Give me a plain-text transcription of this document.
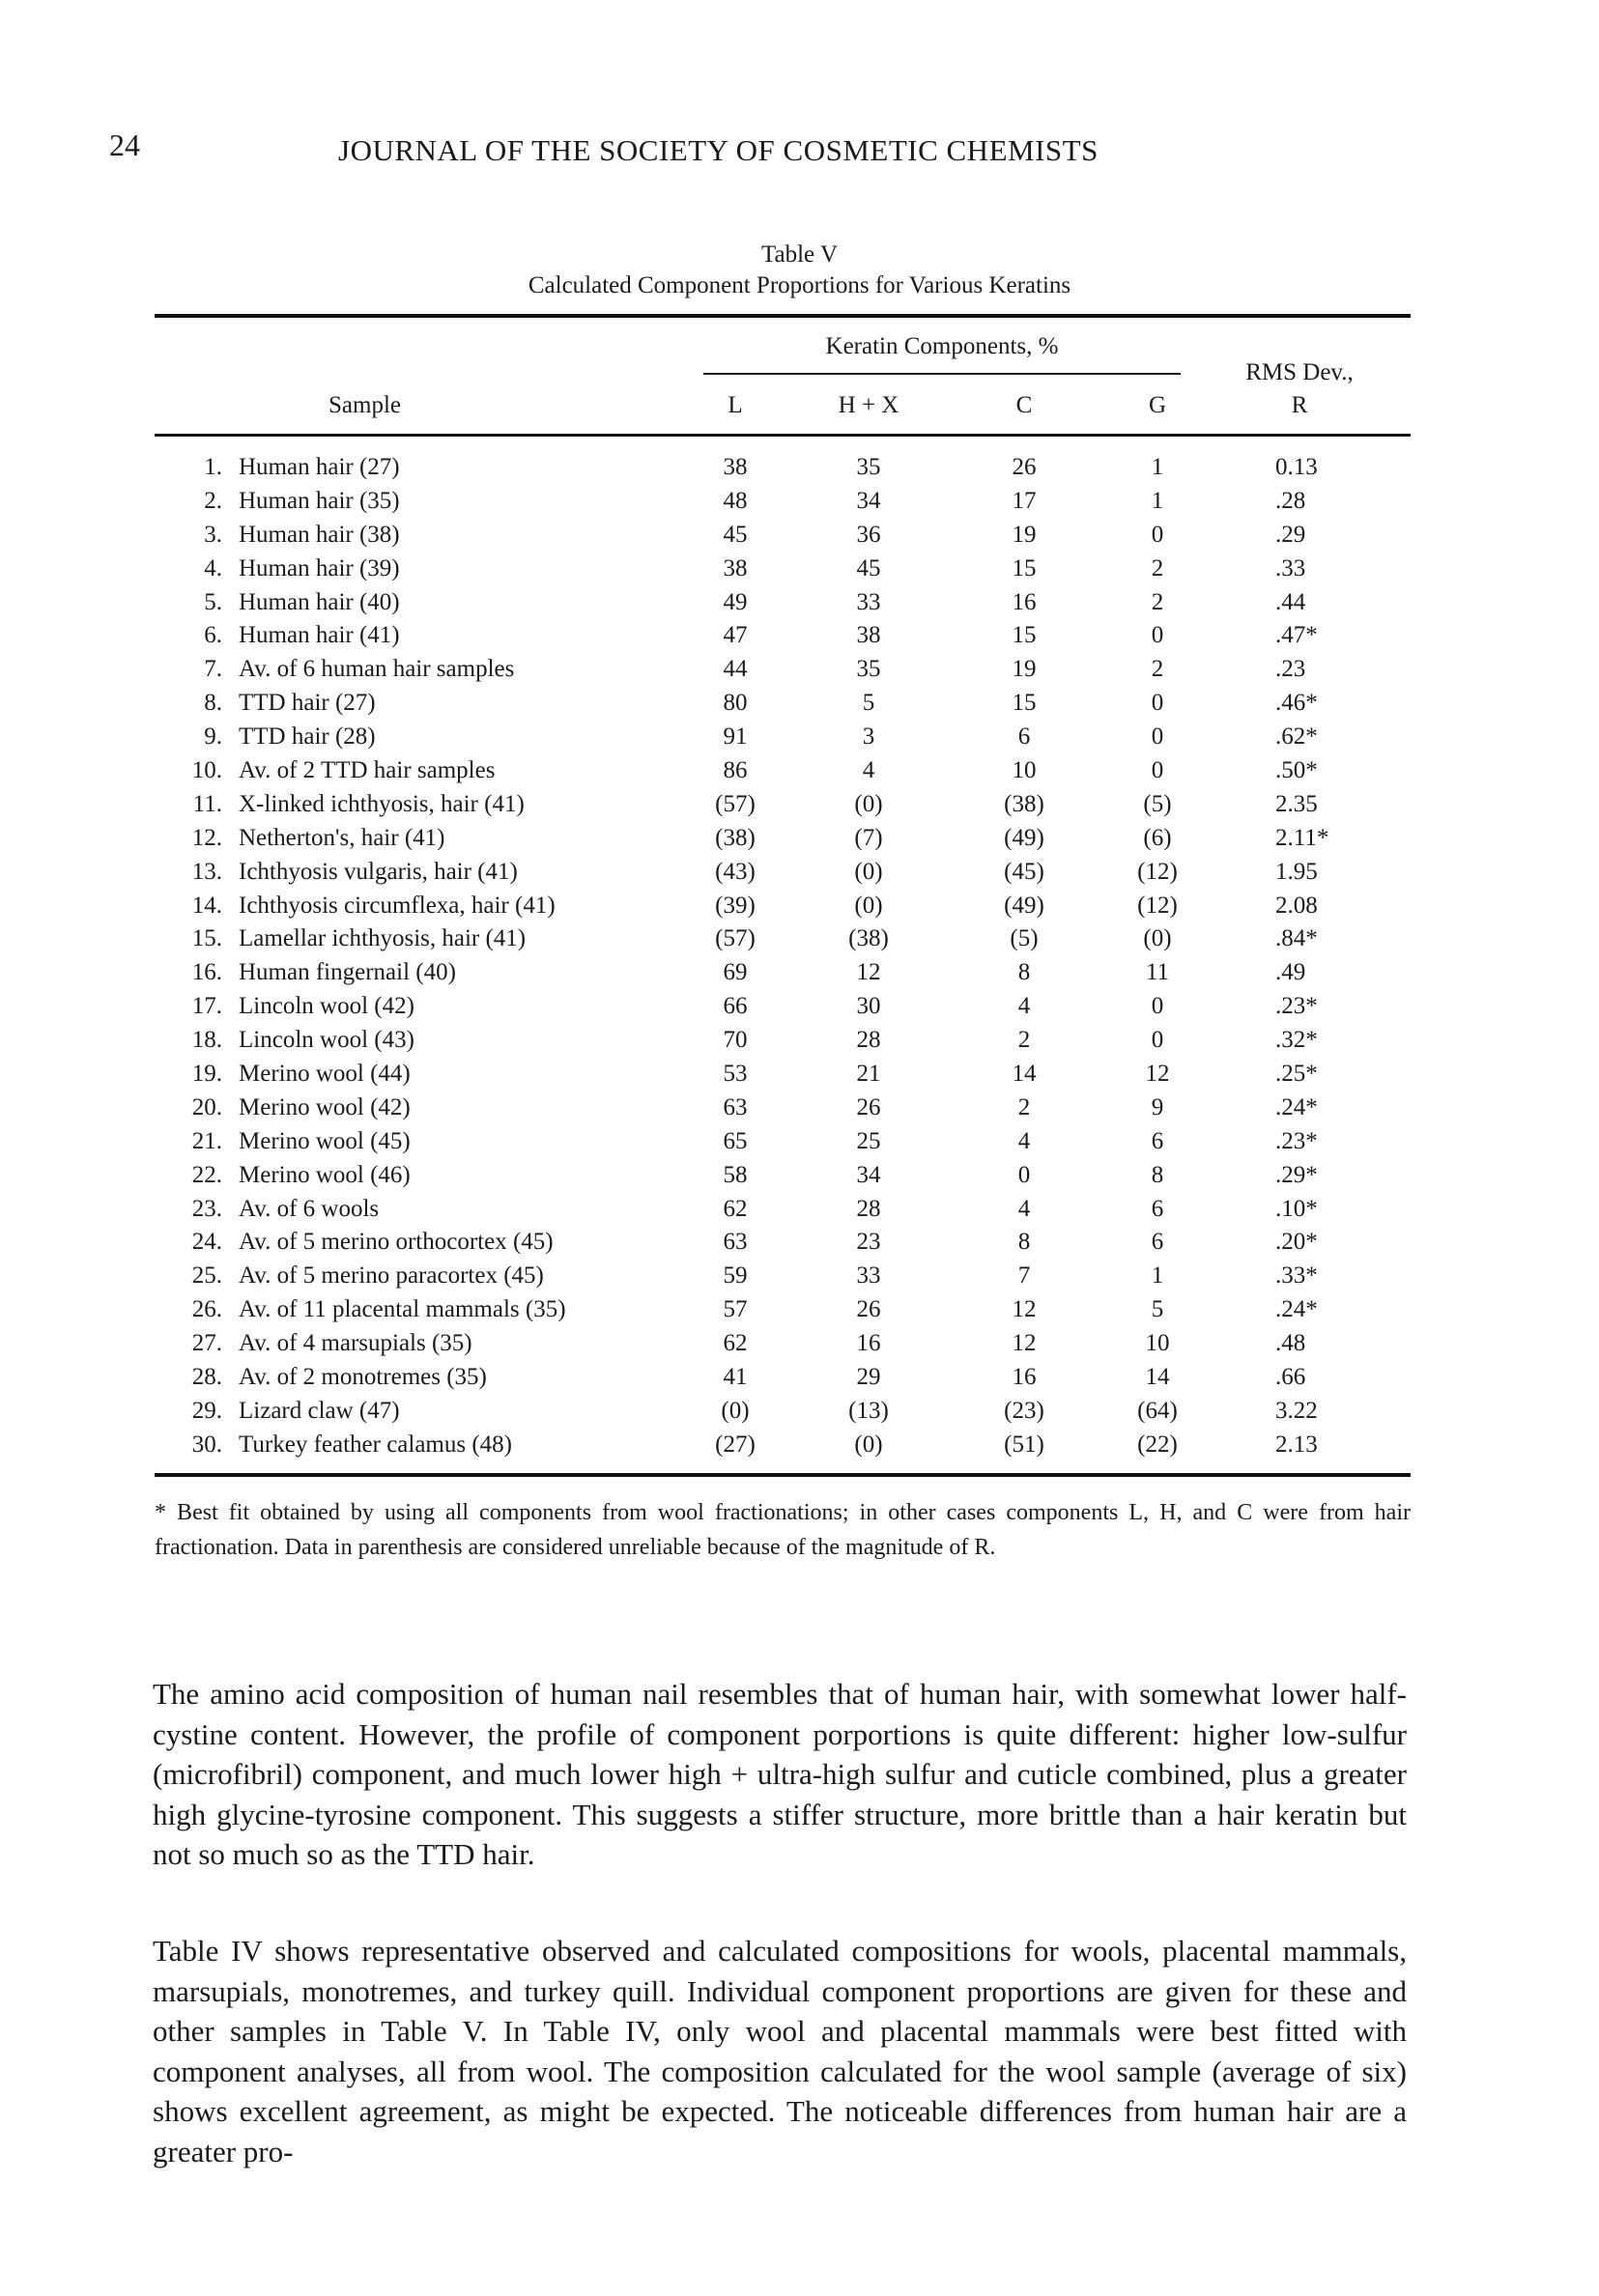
24	JOURNAL OF THE SOCIETY OF COSMETIC CHEMISTS
Table V
Calculated Component Proportions for Various Keratins
Keratin Components, %
Sample	L	H + X	C	G
RMS Dev.,
R
1. Human hair (27)	38	35	26	1	0.13
2. Human hair (35)	48	34	17	1	.28
3. Human hair (38)	45	36	19	0	.29
4. Human hair (39)	38	45	15	2	.33
5. Human hair (40)	49	33	16	2	.44
6. Human hair (41)	47	38	15	0	.47*
7. Av. of 6 human hair samples	44	35	19	2	.23
8. TTD hair (27)	80	5	15	0	.46*
9. TTD hair (28)	91	3	6	0	.62*
10. Av. of 2 TTD hair samples	86	4	10	0	.50*
11. X-linked ichthyosis, hair (41)	(57)	(0)	(38)	(5)	2.35
12. Netherton's, hair (41)	(38)	(7)	(49)	(6)	2.11*
13. Ichthyosis vulgaris, hair (41)	(43)	(0)	(45)	(12)	1.95
14. Ichthyosis circumflexa, hair (41)	(39)	(0)	(49)	(12)	2.08
15. Lamellar ichthyosis, hair (41)	(57)	(38)	(5)	(0)	.84*
16. Human fingernail (40)	69	12	8	11	.49
17. Lincoln wool (42)	66	30	4	0	.23*
18. Lincoln wool (43)	70	28	2	0	.32*
19. Merino wool (44)	53	21	14	12	.25*
20. Merino wool (42)	63	26	2	9	.24*
21. Merino wool (45)	65	25	4	6	.23*
22. Merino wool (46)	58	34	0	8	.29*
23. Av. of 6 wools	62	28	4	6	.10*
24. Av. of 5 merino orthocortex (45)	63	23	8	6	.20*
25. Av. of 5 merino paracortex (45)	59	33	7	1	.33*
26. Av. of 11 placental mammals (35)	57	26	12	5	.24*
27. Av. of 4 marsupials (35)	62	16	12	10	.48
28. Av. of 2 monotremes (35)	41	29	16	14	.66
29. Lizard claw (47)	(0)	(13)	(23)	(64)	3.22
30. Turkey feather calamus (48)	(27)	(0)	(51)	(22)	2.13
* Best fit obtained by using all components from wool fractionations; in other cases components L, H, and C were from hair fractionation. Data in parenthesis are considered unreliable because of the magnitude of R.
The amino acid composition of human nail resembles that of human hair, with somewhat lower half-cystine content. However, the profile of component porportions is quite different: higher low-sulfur (microfibril) component, and much lower high + ultra-high sulfur and cuticle combined, plus a greater high glycine-tyrosine component. This suggests a stiffer structure, more brittle than a hair keratin but not so much so as the TTD hair.
Table IV shows representative observed and calculated compositions for wools, placental mammals, marsupials, monotremes, and turkey quill. Individual component proportions are given for these and other samples in Table V. In Table IV, only wool and placental mammals were best fitted with component analyses, all from wool. The composition calculated for the wool sample (average of six) shows excellent agreement, as might be expected. The noticeable differences from human hair are a greater pro-
